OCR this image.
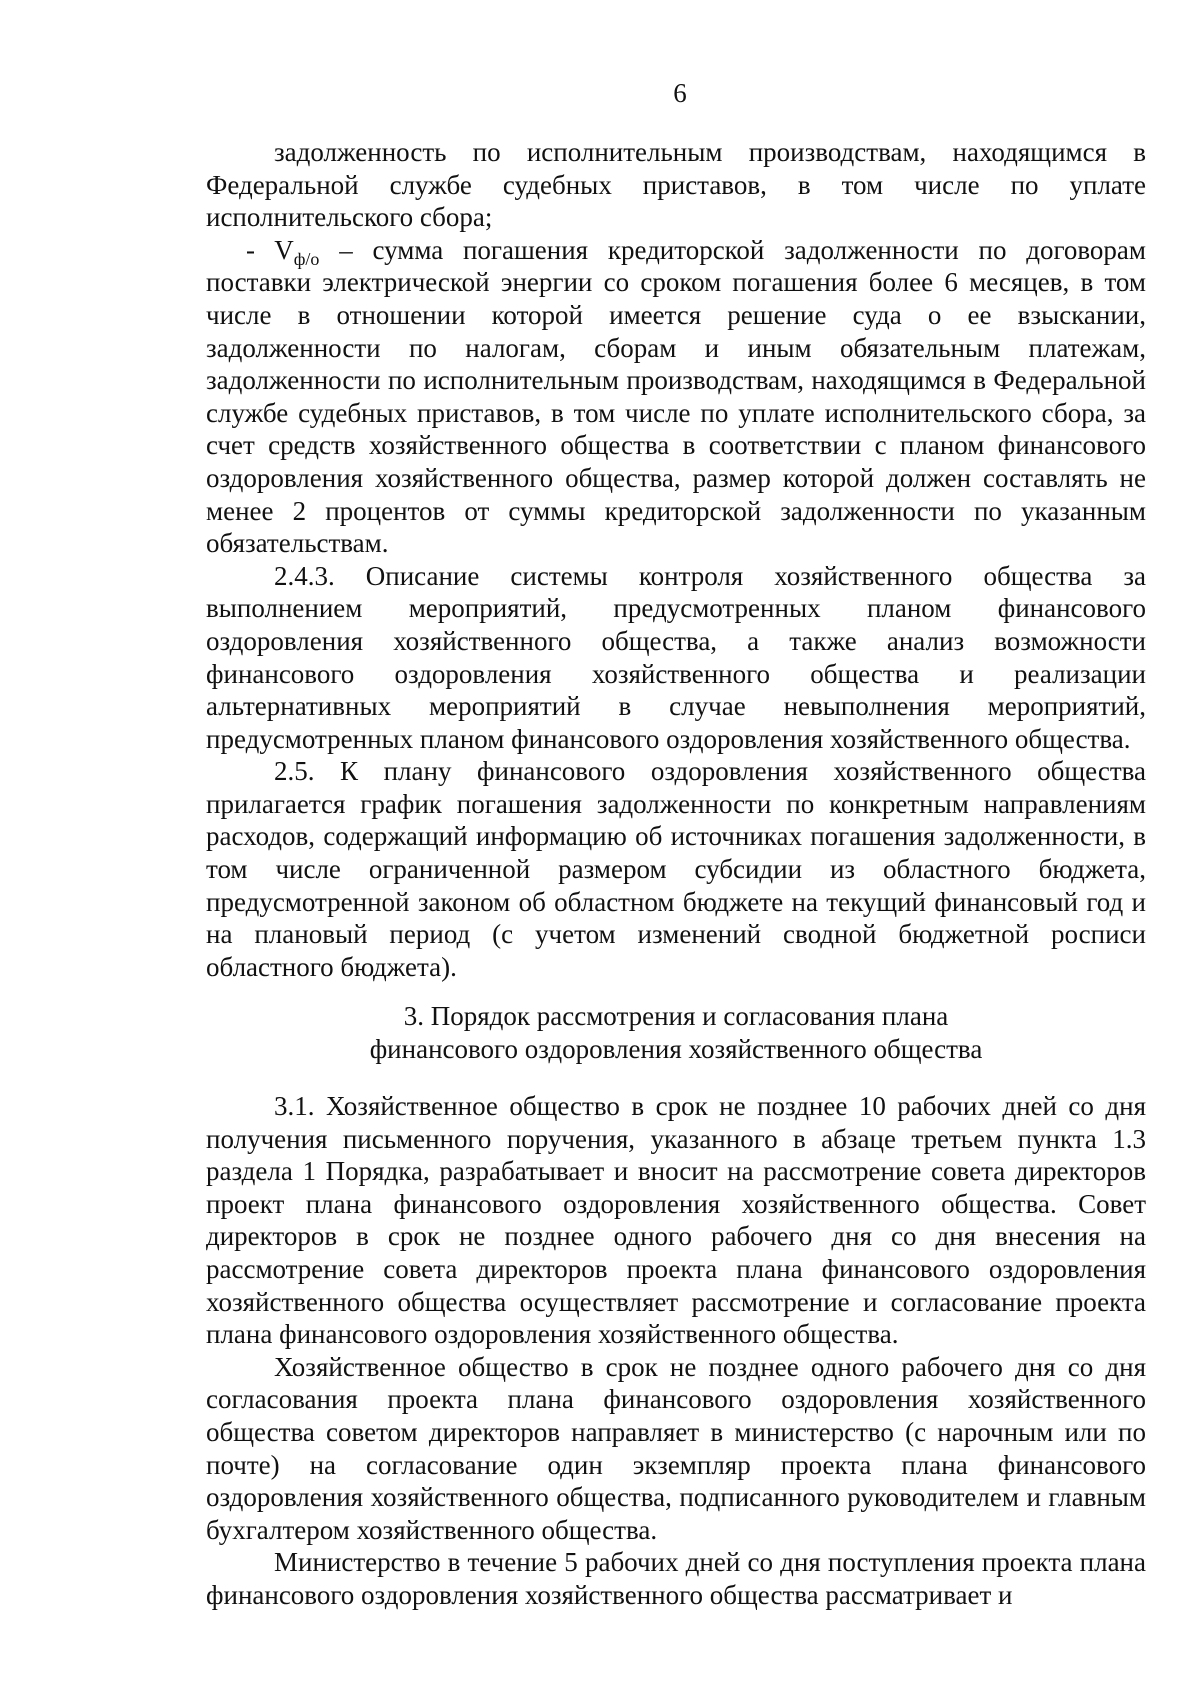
6

задолженность по исполнительным производствам, находящимся в Федеральной службе судебных приставов, в том числе по уплате исполнительского сбора;

- $V_{ф/о}$ – сумма погашения кредиторской задолженности по договорам поставки электрической энергии со сроком погашения более 6 месяцев, в том числе в отношении которой имеется решение суда о ее взыскании, задолженности по налогам, сборам и иным обязательным платежам, задолженности по исполнительным производствам, находящимся в Федеральной службе судебных приставов, в том числе по уплате исполнительского сбора, за счет средств хозяйственного общества в соответствии с планом финансового оздоровления хозяйственного общества, размер которой должен составлять не менее 2 процентов от суммы кредиторской задолженности по указанным обязательствам.

2.4.3. Описание системы контроля хозяйственного общества за выполнением мероприятий, предусмотренных планом финансового оздоровления хозяйственного общества, а также анализ возможности финансового оздоровления хозяйственного общества и реализации альтернативных мероприятий в случае невыполнения мероприятий, предусмотренных планом финансового оздоровления хозяйственного общества.

2.5. К плану финансового оздоровления хозяйственного общества прилагается график погашения задолженности по конкретным направлениям расходов, содержащий информацию об источниках погашения задолженности, в том числе ограниченной размером субсидии из областного бюджета, предусмотренной законом об областном бюджете на текущий финансовый год и на плановый период (с учетом изменений сводной бюджетной росписи областного бюджета).

3. Порядок рассмотрения и согласования плана
финансового оздоровления хозяйственного общества

3.1. Хозяйственное общество в срок не позднее 10 рабочих дней со дня получения письменного поручения, указанного в абзаце третьем пункта 1.3 раздела 1 Порядка, разрабатывает и вносит на рассмотрение совета директоров проект плана финансового оздоровления хозяйственного общества. Совет директоров в срок не позднее одного рабочего дня со дня внесения на рассмотрение совета директоров проекта плана финансового оздоровления хозяйственного общества осуществляет рассмотрение и согласование проекта плана финансового оздоровления хозяйственного общества.

Хозяйственное общество в срок не позднее одного рабочего дня со дня согласования проекта плана финансового оздоровления хозяйственного общества советом директоров направляет в министерство (с нарочным или по почте) на согласование один экземпляр проекта плана финансового оздоровления хозяйственного общества, подписанного руководителем и главным бухгалтером хозяйственного общества.

Министерство в течение 5 рабочих дней со дня поступления проекта плана финансового оздоровления хозяйственного общества рассматривает и
